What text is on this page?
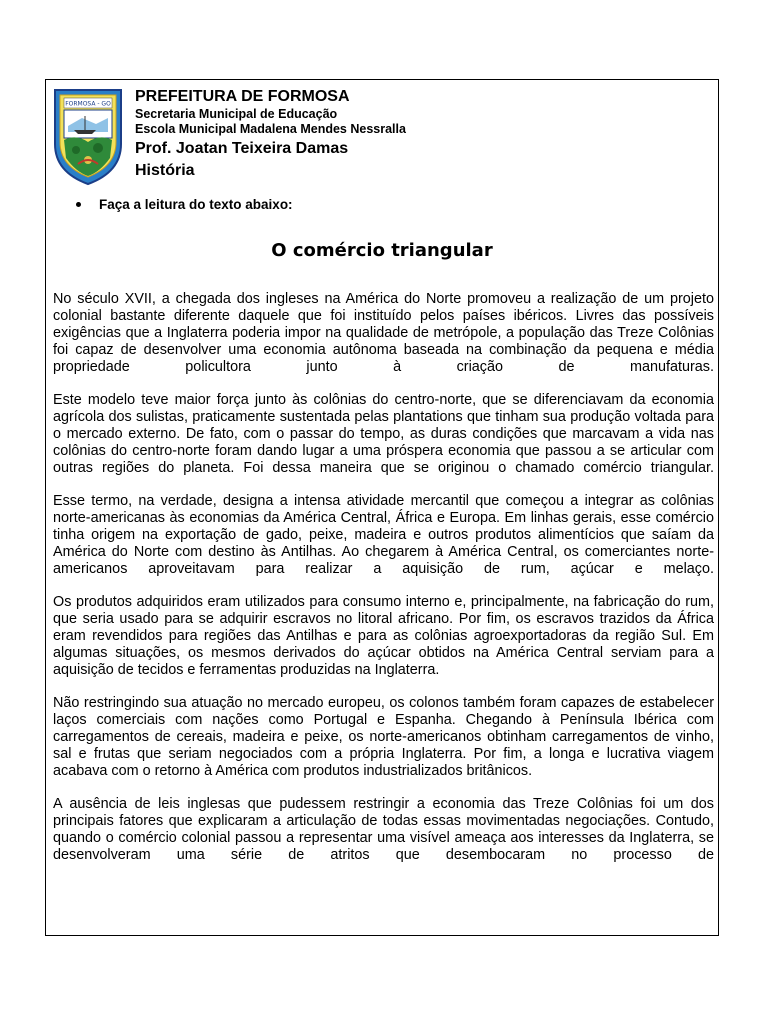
FORMOSA - GO PREFEITURA DE FORMOSA
Secretaria Municipal de Educação
Escola Municipal Madalena Mendes Nessralla
Prof. Joatan Teixeira Damas
História
Faça a leitura do texto abaixo:
O comércio triangular

No século XVII, a chegada dos ingleses na América do Norte promoveu a realização de um projeto colonial bastante diferente daquele que foi instituído pelos países ibéricos. Livres das possíveis exigências que a Inglaterra poderia impor na qualidade de metrópole, a população das Treze Colônias foi capaz de desenvolver uma economia autônoma baseada na combinação da pequena e média propriedade policultora junto à criação de manufaturas.

Este modelo teve maior força junto às colônias do centro-norte, que se diferenciavam da economia agrícola dos sulistas, praticamente sustentada pelas plantations que tinham sua produção voltada para o mercado externo. De fato, com o passar do tempo, as duras condições que marcavam a vida nas colônias do centro-norte foram dando lugar a uma próspera economia que passou a se articular com outras regiões do planeta. Foi dessa maneira que se originou o chamado comércio triangular.

Esse termo, na verdade, designa a intensa atividade mercantil que começou a integrar as colônias norte-americanas às economias da América Central, África e Europa. Em linhas gerais, esse comércio tinha origem na exportação de gado, peixe, madeira e outros produtos alimentícios que saíam da América do Norte com destino às Antilhas. Ao chegarem à América Central, os comerciantes norte-americanos aproveitavam para realizar a aquisição de rum, açúcar e melaço.

Os produtos adquiridos eram utilizados para consumo interno e, principalmente, na fabricação do rum, que seria usado para se adquirir escravos no litoral africano. Por fim, os escravos trazidos da África eram revendidos para regiões das Antilhas e para as colônias agroexportadoras da região Sul. Em algumas situações, os mesmos derivados do açúcar obtidos na América Central serviam para a aquisição de tecidos e ferramentas produzidas na Inglaterra.

Não restringindo sua atuação no mercado europeu, os colonos também foram capazes de estabelecer laços comerciais com nações como Portugal e Espanha. Chegando à Península Ibérica com carregamentos de cereais, madeira e peixe, os norte-americanos obtinham carregamentos de vinho, sal e frutas que seriam negociados com a própria Inglaterra. Por fim, a longa e lucrativa viagem acabava com o retorno à América com produtos industrializados britânicos.

A ausência de leis inglesas que pudessem restringir a economia das Treze Colônias foi um dos principais fatores que explicaram a articulação de todas essas movimentadas negociações. Contudo, quando o comércio colonial passou a representar uma visível ameaça aos interesses da Inglaterra, se desenvolveram uma série de atritos que desembocaram no processo de
